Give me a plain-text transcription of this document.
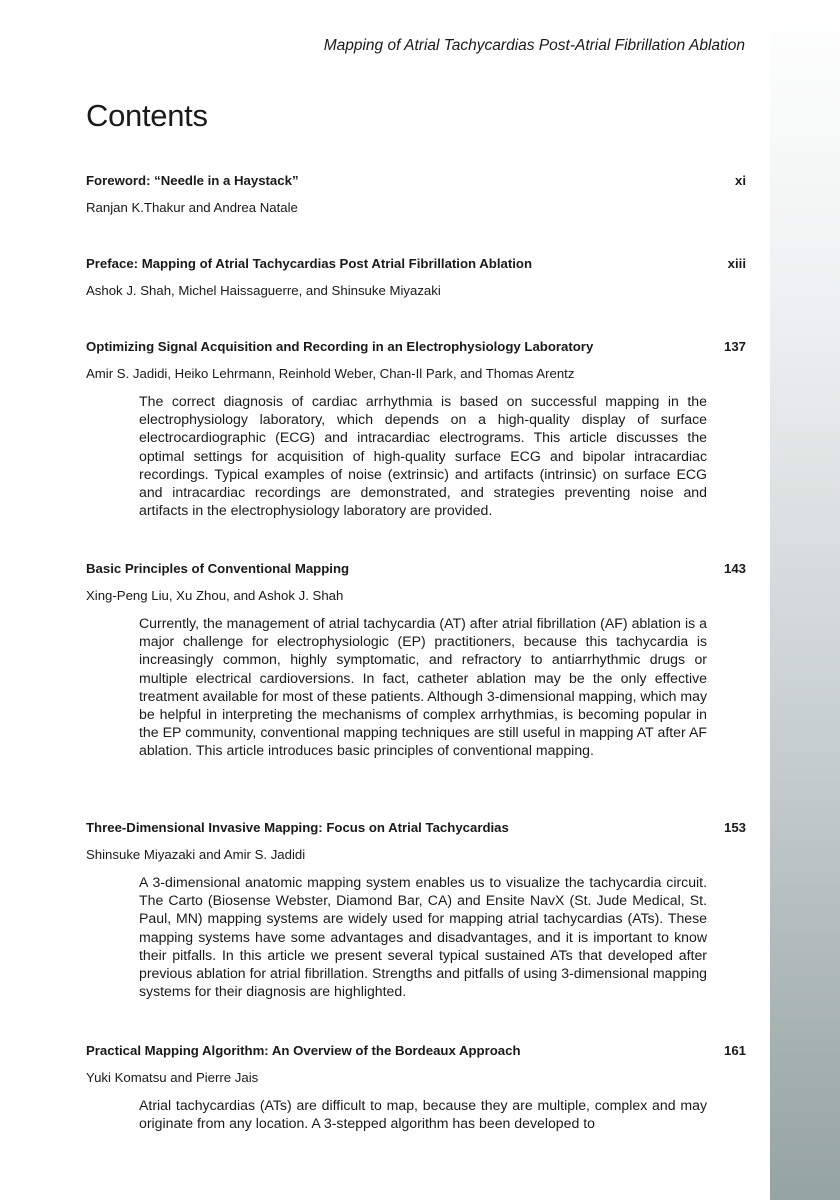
Mapping of Atrial Tachycardias Post-Atrial Fibrillation Ablation
Contents
Foreword: “Needle in a Haystack”	xi
Ranjan K.Thakur and Andrea Natale
Preface: Mapping of Atrial Tachycardias Post Atrial Fibrillation Ablation	xiii
Ashok J. Shah, Michel Haissaguerre, and Shinsuke Miyazaki
Optimizing Signal Acquisition and Recording in an Electrophysiology Laboratory	137
Amir S. Jadidi, Heiko Lehrmann, Reinhold Weber, Chan-Il Park, and Thomas Arentz
The correct diagnosis of cardiac arrhythmia is based on successful mapping in the electrophysiology laboratory, which depends on a high-quality display of surface electrocardiographic (ECG) and intracardiac electrograms. This article discusses the optimal settings for acquisition of high-quality surface ECG and bipolar intracardiac recordings. Typical examples of noise (extrinsic) and artifacts (intrinsic) on surface ECG and intracardiac recordings are demonstrated, and strategies preventing noise and artifacts in the electrophysiology laboratory are provided.
Basic Principles of Conventional Mapping	143
Xing-Peng Liu, Xu Zhou, and Ashok J. Shah
Currently, the management of atrial tachycardia (AT) after atrial fibrillation (AF) ablation is a major challenge for electrophysiologic (EP) practitioners, because this tachycardia is increasingly common, highly symptomatic, and refractory to antiarrhythmic drugs or multiple electrical cardioversions. In fact, catheter ablation may be the only effective treatment available for most of these patients. Although 3-dimensional mapping, which may be helpful in interpreting the mechanisms of complex arrhythmias, is becoming popular in the EP community, conventional mapping techniques are still useful in mapping AT after AF ablation. This article introduces basic principles of conventional mapping.
Three-Dimensional Invasive Mapping: Focus on Atrial Tachycardias	153
Shinsuke Miyazaki and Amir S. Jadidi
A 3-dimensional anatomic mapping system enables us to visualize the tachycardia circuit. The Carto (Biosense Webster, Diamond Bar, CA) and Ensite NavX (St. Jude Medical, St. Paul, MN) mapping systems are widely used for mapping atrial tachycardias (ATs). These mapping systems have some advantages and disadvantages, and it is important to know their pitfalls. In this article we present several typical sustained ATs that developed after previous ablation for atrial fibrillation. Strengths and pitfalls of using 3-dimensional mapping systems for their diagnosis are highlighted.
Practical Mapping Algorithm: An Overview of the Bordeaux Approach	161
Yuki Komatsu and Pierre Jais
Atrial tachycardias (ATs) are difficult to map, because they are multiple, complex and may originate from any location. A 3-stepped algorithm has been developed to
